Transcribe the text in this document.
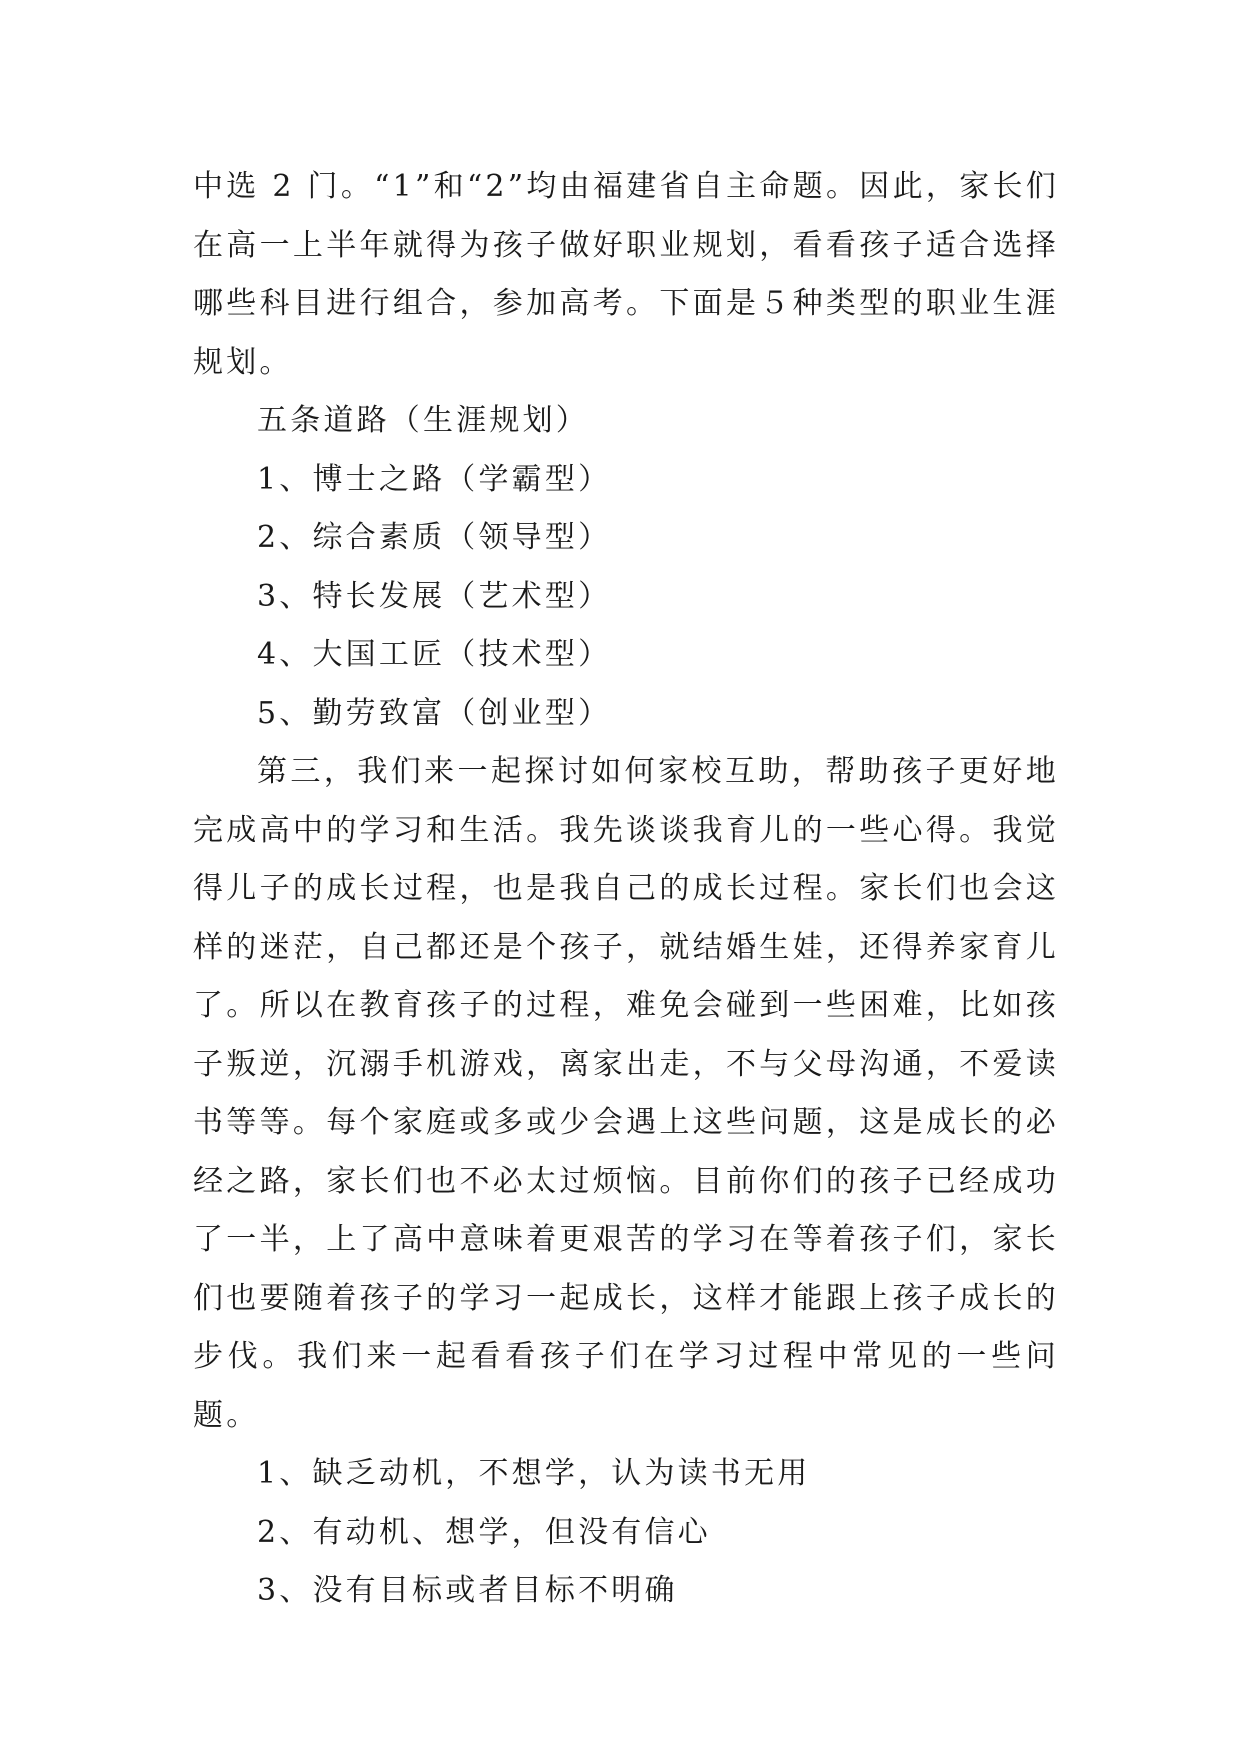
中选 2 门。“1”和“2”均由福建省自主命题。因此，家长们在高一上半年就得为孩子做好职业规划，看看孩子适合选择哪些科目进行组合，参加高考。下面是５种类型的职业生涯规划。

五条道路（生涯规划）

1、博士之路（学霸型）

2、综合素质（领导型）

3、特长发展（艺术型）

4、大国工匠（技术型）

5、勤劳致富（创业型）

第三，我们来一起探讨如何家校互助，帮助孩子更好地完成高中的学习和生活。我先谈谈我育儿的一些心得。我觉得儿子的成长过程，也是我自己的成长过程。家长们也会这样的迷茫，自己都还是个孩子，就结婚生娃，还得养家育儿了。所以在教育孩子的过程，难免会碰到一些困难，比如孩子叛逆，沉溺手机游戏，离家出走，不与父母沟通，不爱读书等等。每个家庭或多或少会遇上这些问题，这是成长的必经之路，家长们也不必太过烦恼。目前你们的孩子已经成功了一半，上了高中意味着更艰苦的学习在等着孩子们，家长们也要随着孩子的学习一起成长，这样才能跟上孩子成长的步伐。我们来一起看看孩子们在学习过程中常见的一些问题。

1、缺乏动机，不想学，认为读书无用

2、有动机、想学，但没有信心

3、没有目标或者目标不明确
